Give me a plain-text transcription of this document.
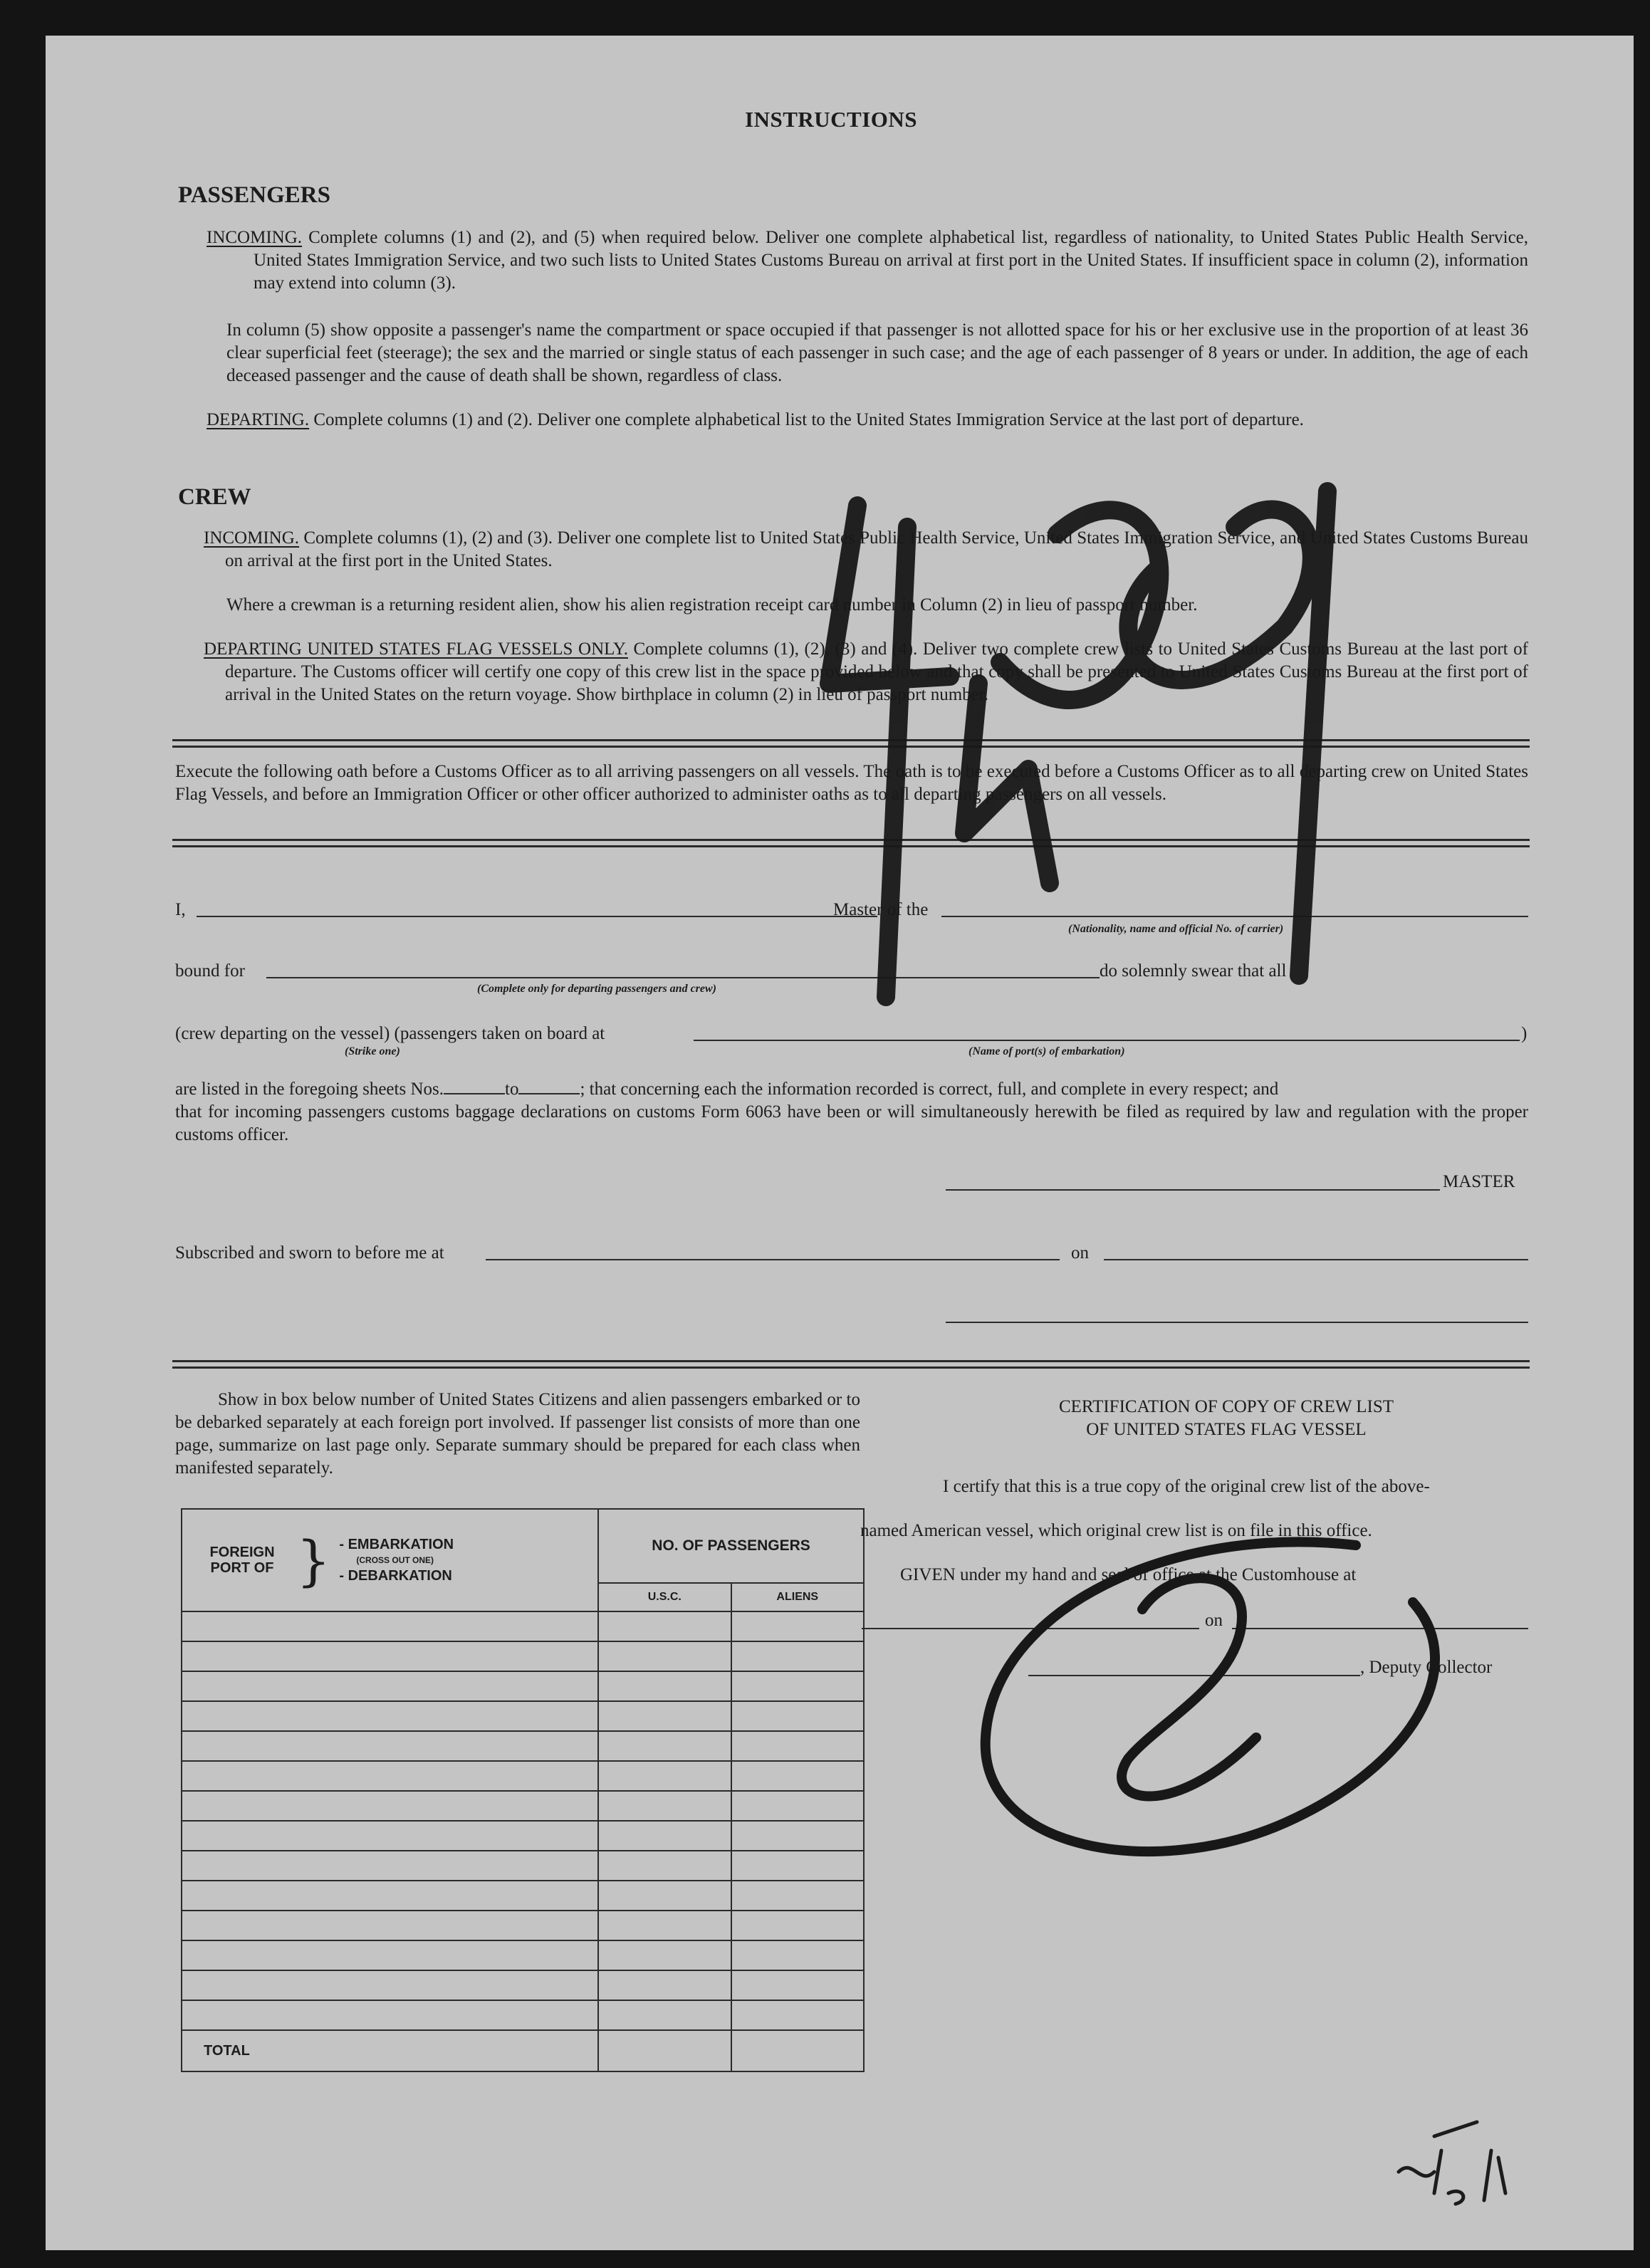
INSTRUCTIONS
PASSENGERS
INCOMING. Complete columns (1) and (2), and (5) when required below. Deliver one complete alphabetical list, regardless of nationality, to United States Public Health Service, United States Immigration Service, and two such lists to United States Customs Bureau on arrival at first port in the United States. If insufficient space in column (2), information may extend into column (3).
In column (5) show opposite a passenger's name the compartment or space occupied if that passenger is not allotted space for his or her exclusive use in the proportion of at least 36 clear superficial feet (steerage); the sex and the married or single status of each passenger in such case; and the age of each passenger of 8 years or under. In addition, the age of each deceased passenger and the cause of death shall be shown, regardless of class.
DEPARTING. Complete columns (1) and (2). Deliver one complete alphabetical list to the United States Immigration Service at the last port of departure.
CREW
INCOMING. Complete columns (1), (2) and (3). Deliver one complete list to United States Public Health Service, United States Immigration Service, and United States Customs Bureau on arrival at the first port in the United States.
Where a crewman is a returning resident alien, show his alien registration receipt card number in Column (2) in lieu of passport number.
DEPARTING UNITED STATES FLAG VESSELS ONLY. Complete columns (1), (2), (3) and (4). Deliver two complete crew lists to United States Customs Bureau at the last port of departure. The Customs officer will certify one copy of this crew list in the space provided below and that copy shall be presented to United States Customs Bureau at the first port of arrival in the United States on the return voyage. Show birthplace in column (2) in lieu of passport number.
Execute the following oath before a Customs Officer as to all arriving passengers on all vessels. The oath is to be executed before a Customs Officer as to all departing crew on United States Flag Vessels, and before an Immigration Officer or other officer authorized to administer oaths as to all departing passengers on all vessels.
I,	Master of the
(Nationality, name and official No. of carrier)
bound for
(Complete only for departing passengers and crew)
do solemnly swear that all
(crew departing on the vessel) (passengers taken on board at
(Strike one)	(Name of port(s) of embarkation)
)
are listed in the foregoing sheets Nos.	to	; that concerning each the information recorded is correct, full, and complete in every respect; and
that for incoming passengers customs baggage declarations on customs Form 6063 have been or will simultaneously herewith be filed as required by law and regulation with the proper customs officer.
MASTER
Subscribed and sworn to before me at	on
Show in box below number of United States Citizens and alien passengers embarked or to be debarked separately at each foreign port involved. If passenger list consists of more than one page, summarize on last page only. Separate summary should be prepared for each class when manifested separately.
FOREIGN PORT OF } - EMBARKATION
(CROSS OUT ONE)
- DEBARKATION	NO. OF PASSENGERS	
	U.S.C.	ALIENS

TOTAL		
CERTIFICATION OF COPY OF CREW LIST
OF UNITED STATES FLAG VESSEL
I certify that this is a true copy of the original crew list of the above-
named American vessel, which original crew list is on file in this office.
GIVEN under my hand and seal of office at the Customhouse at
on
, Deputy Collector
